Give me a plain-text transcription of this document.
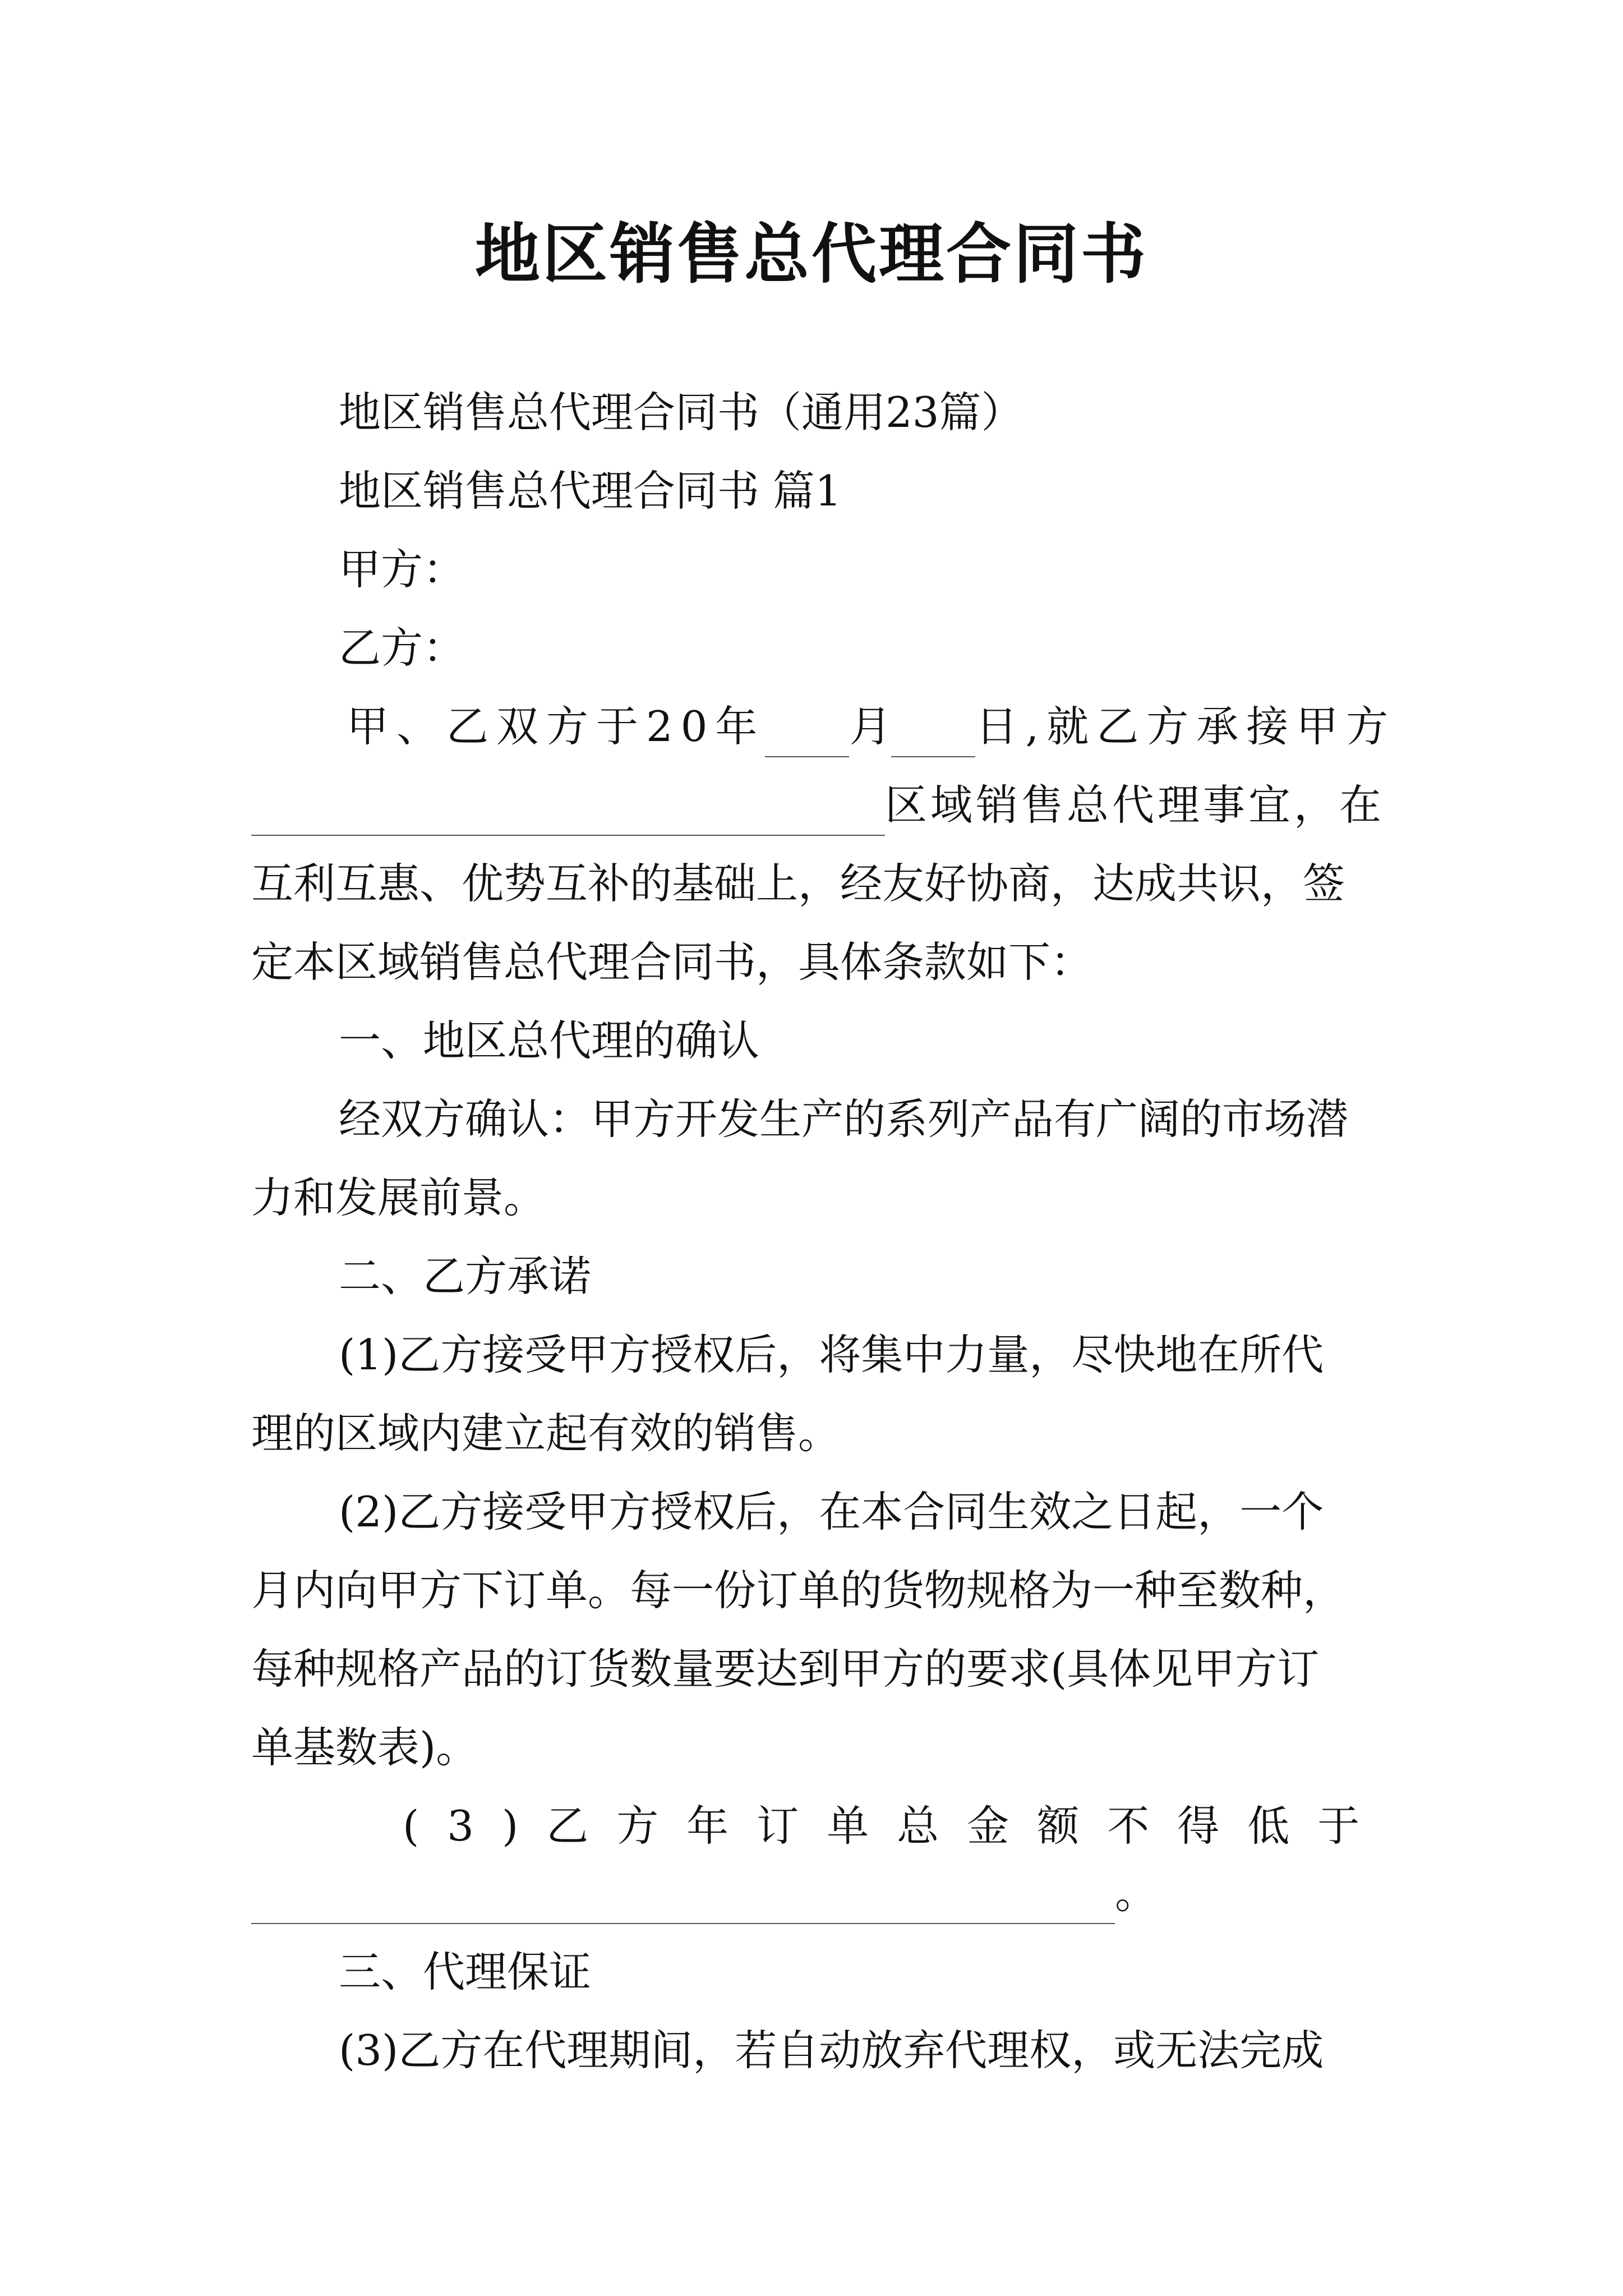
地区销售总代理合同书
地区销售总代理合同书（通用23篇）
地区销售总代理合同书 篇1
甲方：
乙方：
甲、乙双方于20年 月 日,就乙方承接甲方
区域销售总代理事宜，在
互利互惠、优势互补的基础上，经友好协商，达成共识，签
定本区域销售总代理合同书，具体条款如下：
一、地区总代理的确认
经双方确认：甲方开发生产的系列产品有广阔的市场潜
力和发展前景。
二、乙方承诺
(1)乙方接受甲方授权后，将集中力量，尽快地在所代
理的区域内建立起有效的销售。
(2)乙方接受甲方授权后，在本合同生效之日起，一个
月内向甲方下订单。每一份订单的货物规格为一种至数种，
每种规格产品的订货数量要达到甲方的要求(具体见甲方订
单基数表)。
(3)乙方年订单总金额不得低于
。
三、代理保证
(3)乙方在代理期间，若自动放弃代理权，或无法完成
